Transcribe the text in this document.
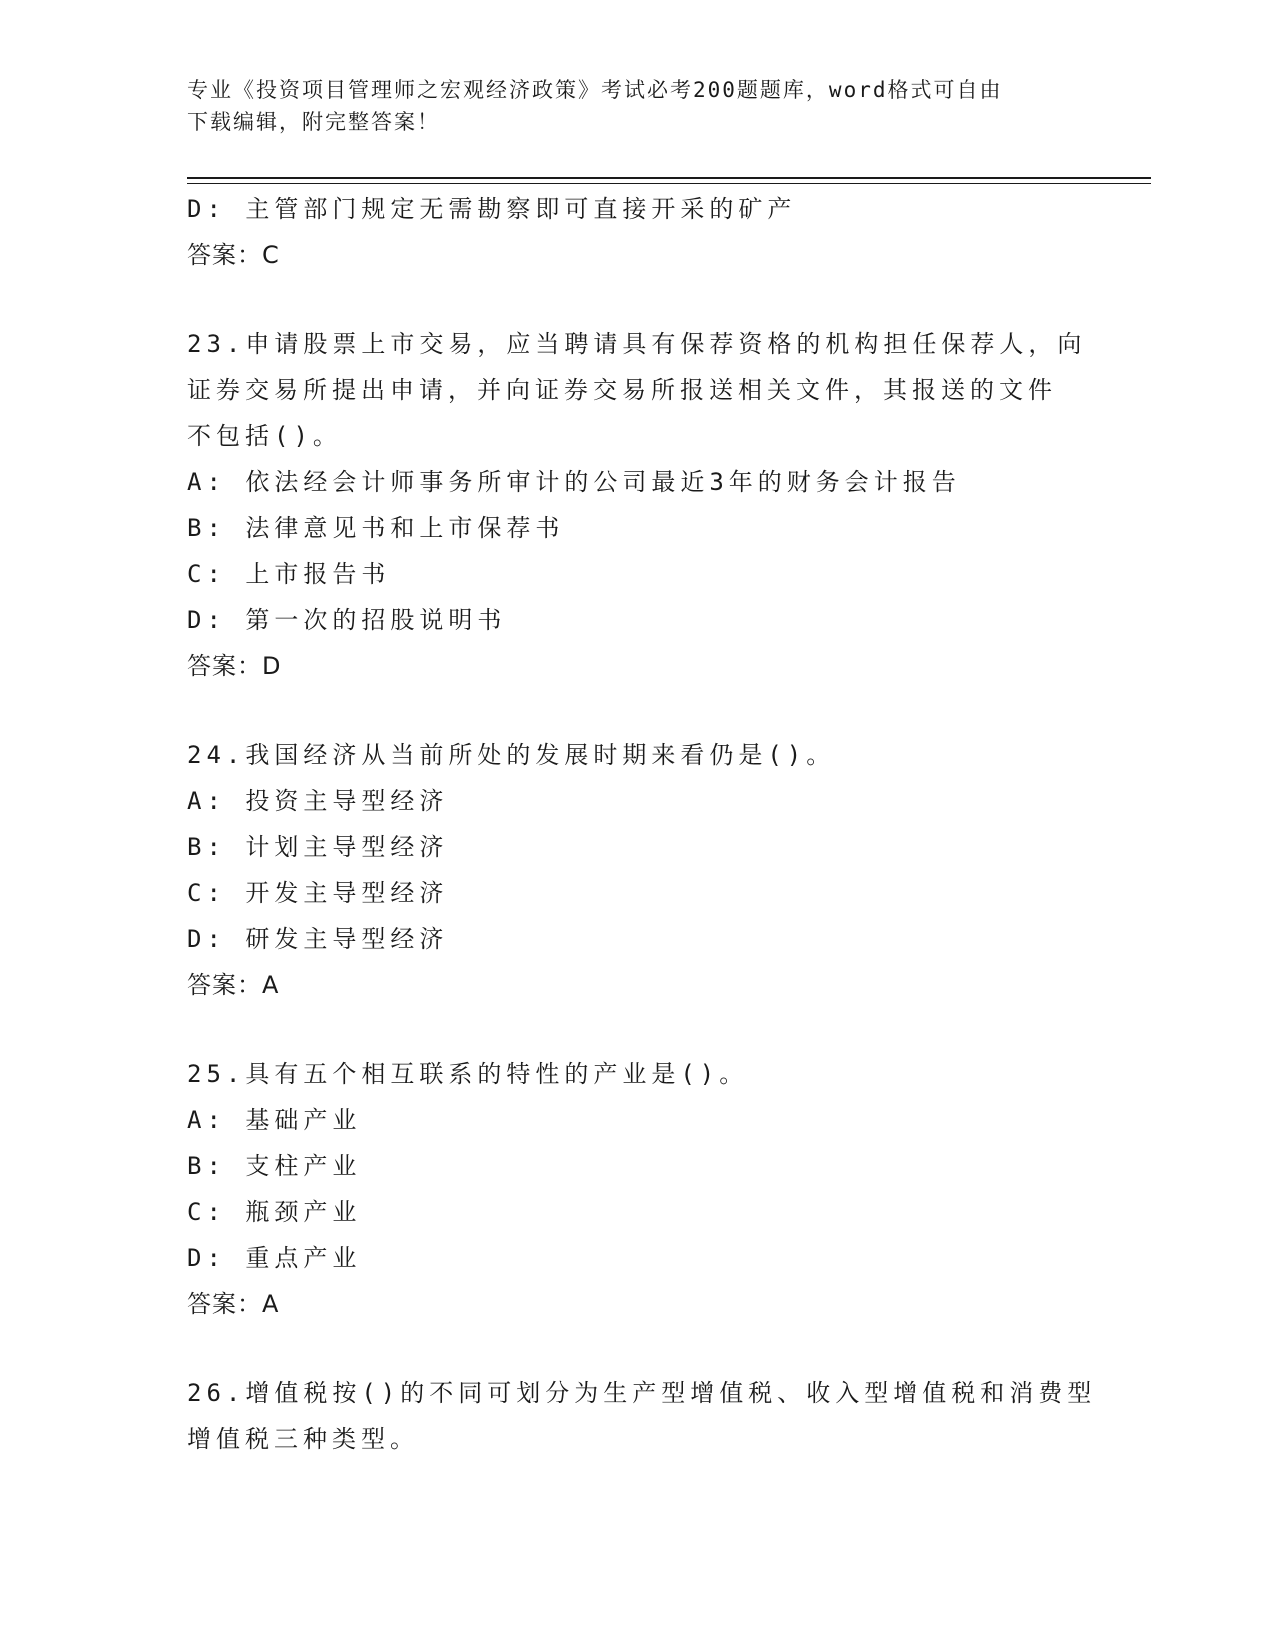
专业《投资项目管理师之宏观经济政策》考试必考200题题库，word格式可自由
下载编辑，附完整答案！
D: 主管部门规定无需勘察即可直接开采的矿产
答案：C
23.申请股票上市交易，应当聘请具有保荐资格的机构担任保荐人，向
证券交易所提出申请，并向证券交易所报送相关文件，其报送的文件
不包括()。
A: 依法经会计师事务所审计的公司最近3年的财务会计报告
B: 法律意见书和上市保荐书
C: 上市报告书
D: 第一次的招股说明书
答案：D
24.我国经济从当前所处的发展时期来看仍是()。
A: 投资主导型经济
B: 计划主导型经济
C: 开发主导型经济
D: 研发主导型经济
答案：A
25.具有五个相互联系的特性的产业是()。
A: 基础产业
B: 支柱产业
C: 瓶颈产业
D: 重点产业
答案：A
26.增值税按()的不同可划分为生产型增值税、收入型增值税和消费型
增值税三种类型。
